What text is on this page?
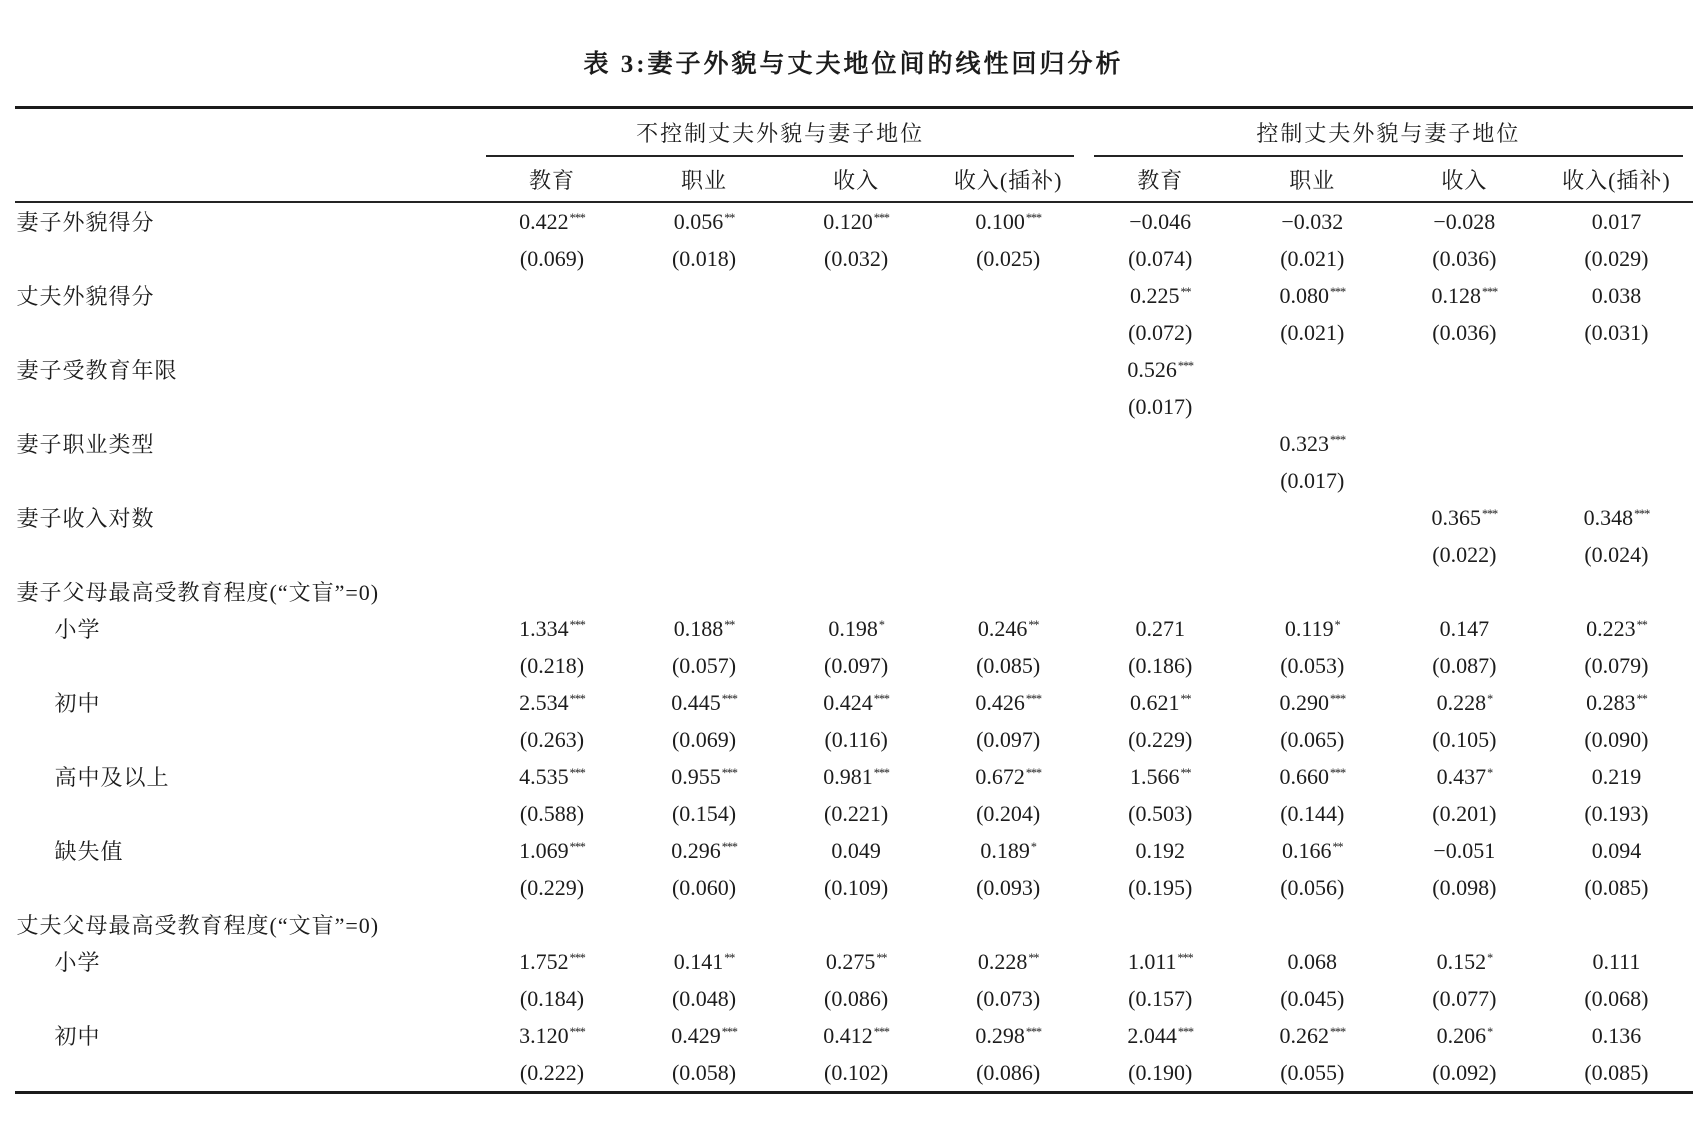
表 3:妻子外貌与丈夫地位间的线性回归分析

	不控制丈夫外貌与妻子地位				控制丈夫外貌与妻子地位			

	教育	职业	收入	收入(插补)	教育	职业	收入	收入(插补)
妻子外貌得分	0.422***	0.056**	0.120***	0.100***	−0.046	−0.032	−0.028	0.017
	(0.069)	(0.018)	(0.032)	(0.025)	(0.074)	(0.021)	(0.036)	(0.029)
丈夫外貌得分					0.225**	0.080***	0.128***	0.038
					(0.072)	(0.021)	(0.036)	(0.031)
妻子受教育年限					0.526***			
					(0.017)			
妻子职业类型						0.323***		
						(0.017)		
妻子收入对数							0.365***	0.348***
							(0.022)	(0.024)
妻子父母最高受教育程度(“文盲”=0)								
小学	1.334***	0.188**	0.198*	0.246**	0.271	0.119*	0.147	0.223**
	(0.218)	(0.057)	(0.097)	(0.085)	(0.186)	(0.053)	(0.087)	(0.079)
初中	2.534***	0.445***	0.424***	0.426***	0.621**	0.290***	0.228*	0.283**
	(0.263)	(0.069)	(0.116)	(0.097)	(0.229)	(0.065)	(0.105)	(0.090)
高中及以上	4.535***	0.955***	0.981***	0.672***	1.566**	0.660***	0.437*	0.219
	(0.588)	(0.154)	(0.221)	(0.204)	(0.503)	(0.144)	(0.201)	(0.193)
缺失值	1.069***	0.296***	0.049	0.189*	0.192	0.166**	−0.051	0.094
	(0.229)	(0.060)	(0.109)	(0.093)	(0.195)	(0.056)	(0.098)	(0.085)
丈夫父母最高受教育程度(“文盲”=0)								
小学	1.752***	0.141**	0.275**	0.228**	1.011***	0.068	0.152*	0.111
	(0.184)	(0.048)	(0.086)	(0.073)	(0.157)	(0.045)	(0.077)	(0.068)
初中	3.120***	0.429***	0.412***	0.298***	2.044***	0.262***	0.206*	0.136
	(0.222)	(0.058)	(0.102)	(0.086)	(0.190)	(0.055)	(0.092)	(0.085)
